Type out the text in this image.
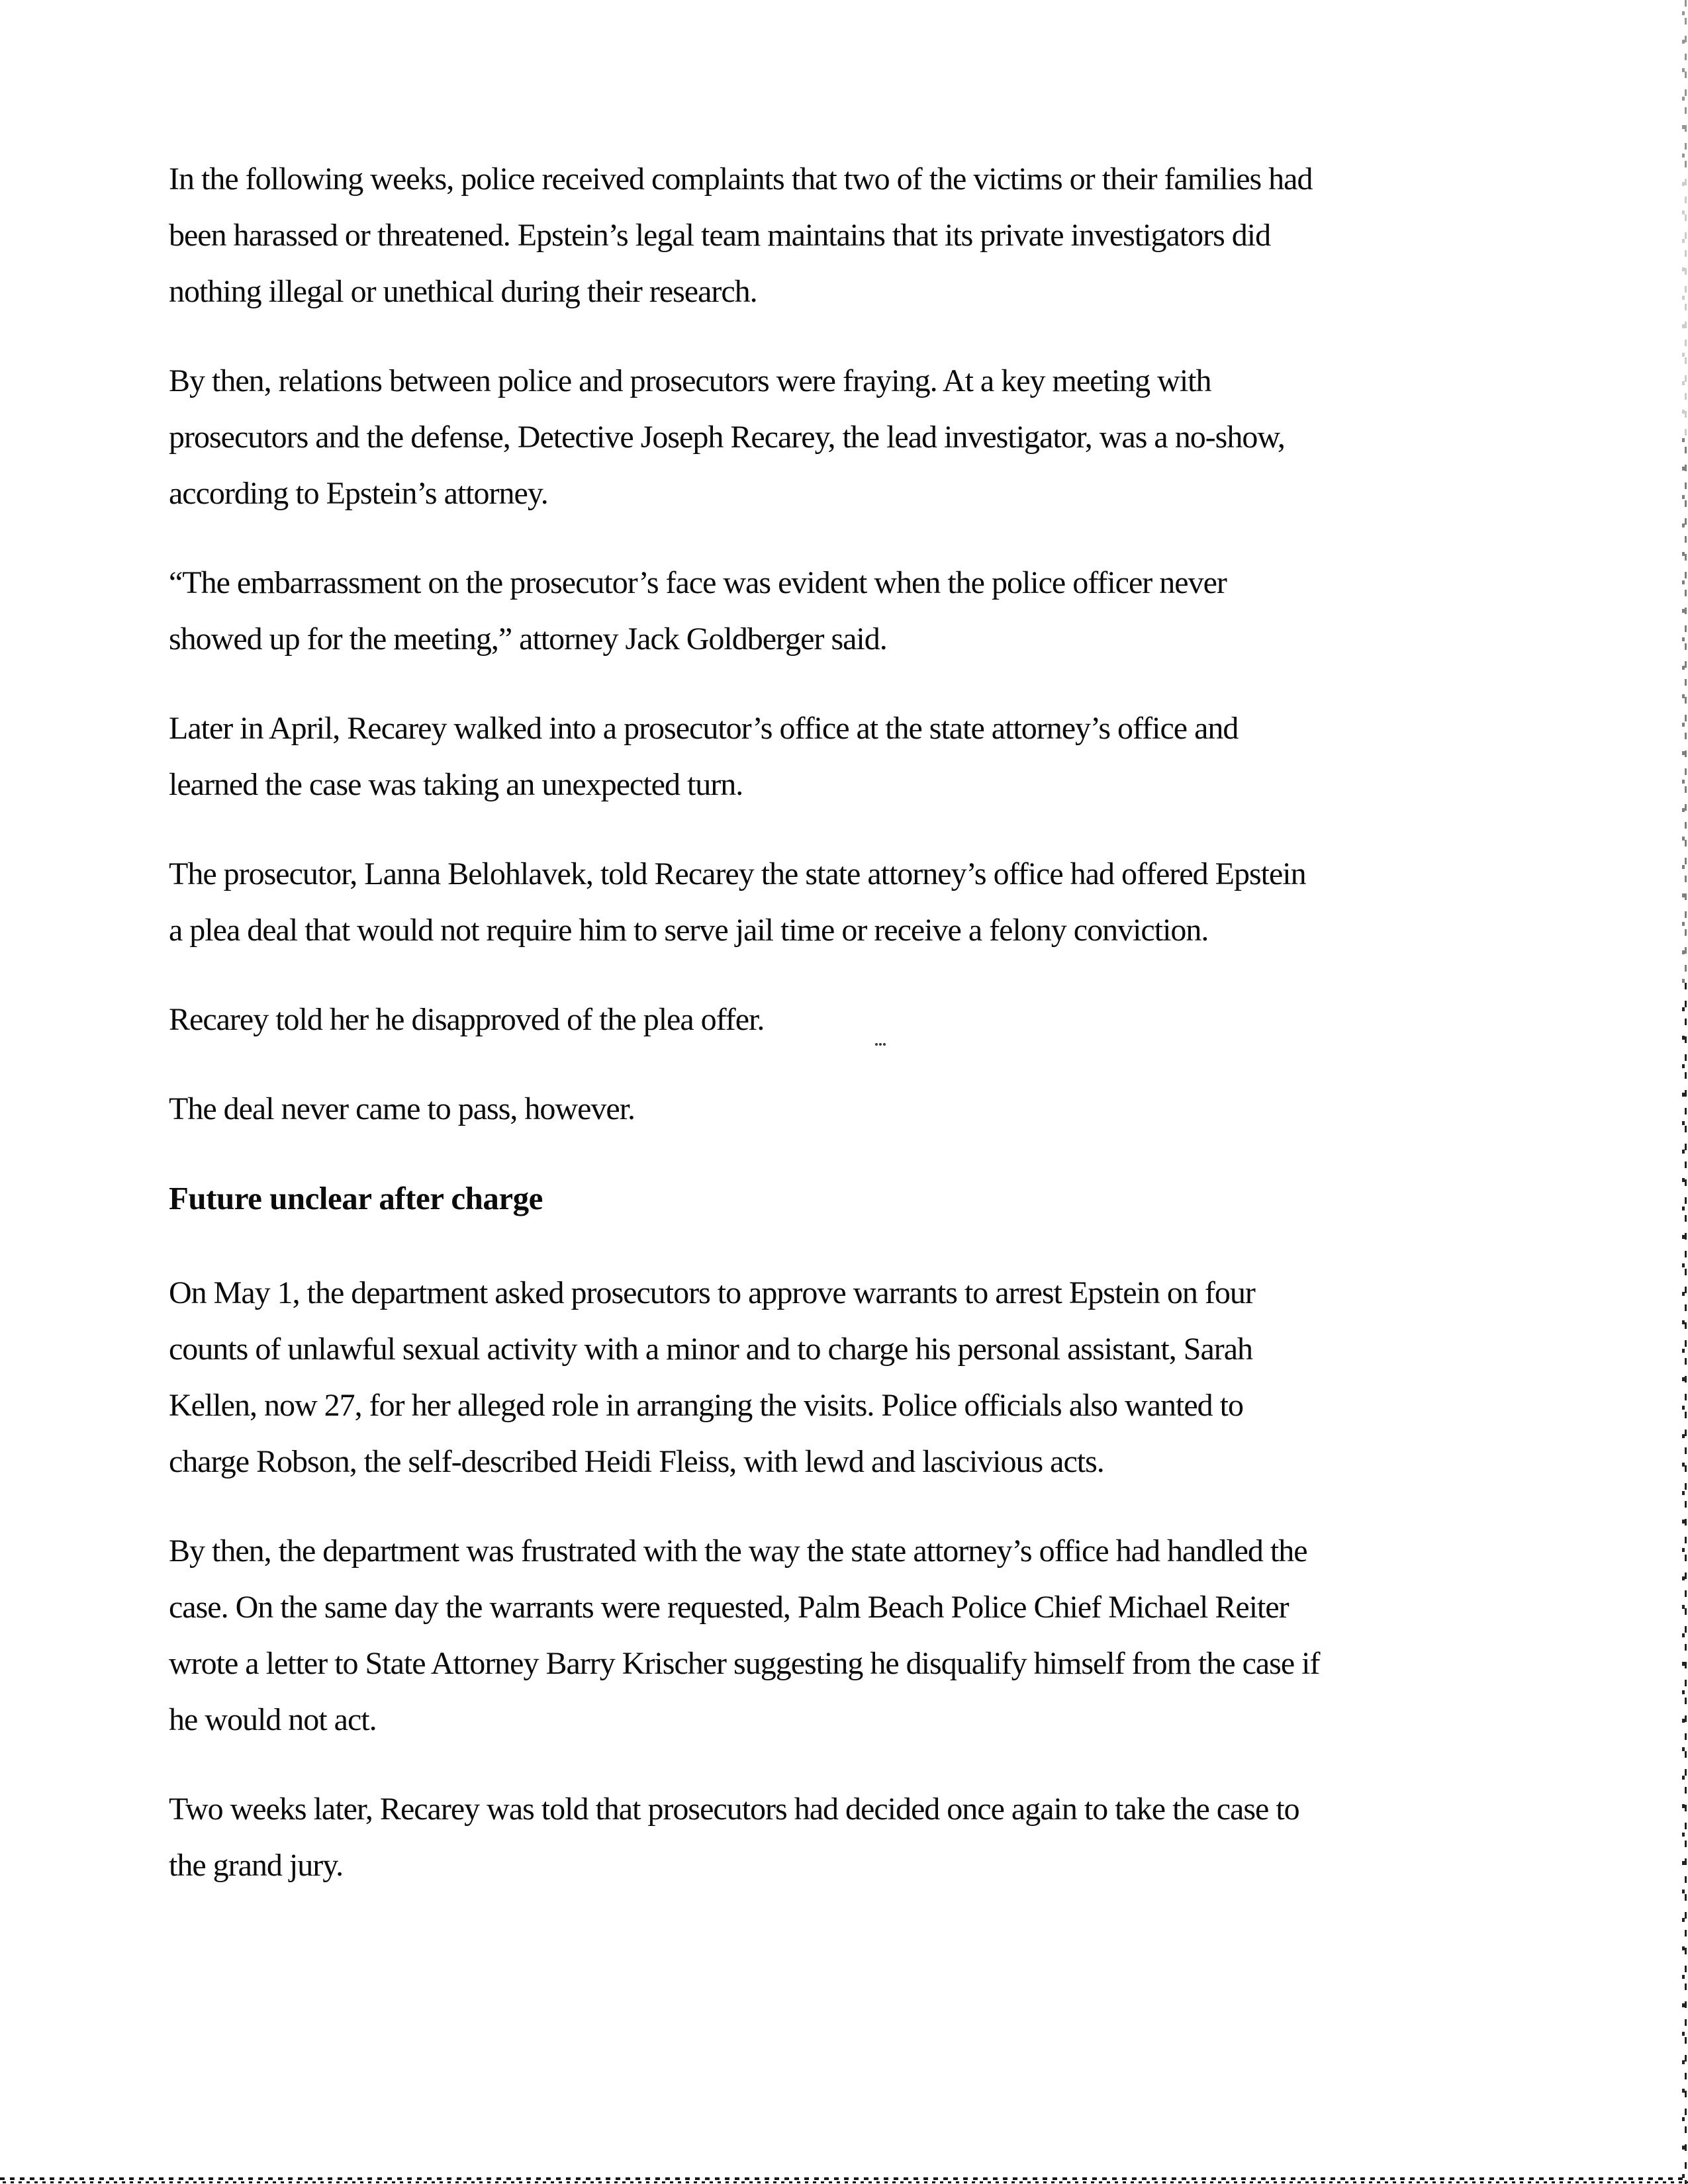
In the following weeks, police received complaints that two of the victims or their families had
been harassed or threatened. Epstein’s legal team maintains that its private investigators did
nothing illegal or unethical during their research.

By then, relations between police and prosecutors were fraying. At a key meeting with
prosecutors and the defense, Detective Joseph Recarey, the lead investigator, was a no-show,
according to Epstein’s attorney.

“The embarrassment on the prosecutor’s face was evident when the police officer never
showed up for the meeting,” attorney Jack Goldberger said.

Later in April, Recarey walked into a prosecutor’s office at the state attorney’s office and
learned the case was taking an unexpected turn.

The prosecutor, Lanna Belohlavek, told Recarey the state attorney’s office had offered Epstein
a plea deal that would not require him to serve jail time or receive a felony conviction.

Recarey told her he disapproved of the plea offer.

The deal never came to pass, however.

Future unclear after charge

On May 1, the department asked prosecutors to approve warrants to arrest Epstein on four
counts of unlawful sexual activity with a minor and to charge his personal assistant, Sarah
Kellen, now 27, for her alleged role in arranging the visits. Police officials also wanted to
charge Robson, the self-described Heidi Fleiss, with lewd and lascivious acts.

By then, the department was frustrated with the way the state attorney’s office had handled the
case. On the same day the warrants were requested, Palm Beach Police Chief Michael Reiter
wrote a letter to State Attorney Barry Krischer suggesting he disqualify himself from the case if
he would not act.

Two weeks later, Recarey was told that prosecutors had decided once again to take the case to
the grand jury.
